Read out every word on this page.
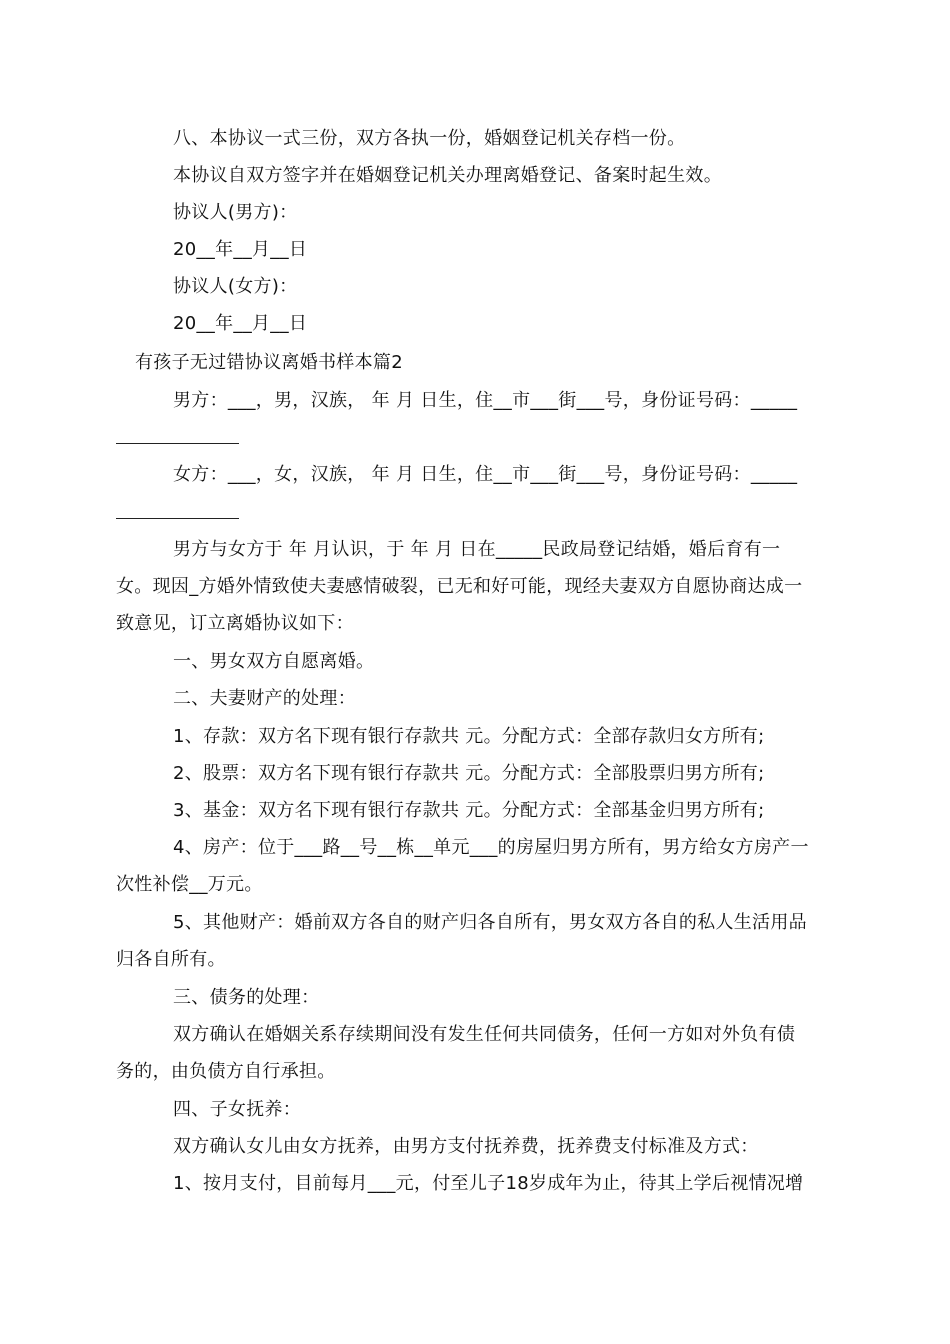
八、本协议一式三份，双方各执一份，婚姻登记机关存档一份。
本协议自双方签字并在婚姻登记机关办理离婚登记、备案时起生效。
协议人(男方)：
20__年__月__日
协议人(女方)：
20__年__月__日
有孩子无过错协议离婚书样本篇2
男方：___，男，汉族， 年 月 日生，住__市___街___号，身份证号码：_____
女方：___，女，汉族， 年 月 日生，住__市___街___号，身份证号码：_____
男方与女方于 年 月认识，于 年 月 日在_____民政局登记结婚，婚后育有一
女。现因_方婚外情致使夫妻感情破裂，已无和好可能，现经夫妻双方自愿协商达成一
致意见，订立离婚协议如下：
一、男女双方自愿离婚。
二、夫妻财产的处理：
1、存款：双方名下现有银行存款共 元。分配方式：全部存款归女方所有;
2、股票：双方名下现有银行存款共 元。分配方式：全部股票归男方所有;
3、基金：双方名下现有银行存款共 元。分配方式：全部基金归男方所有;
4、房产：位于___路__号__栋__单元___的房屋归男方所有，男方给女方房产一
次性补偿__万元。
5、其他财产：婚前双方各自的财产归各自所有，男女双方各自的私人生活用品
归各自所有。
三、债务的处理：
双方确认在婚姻关系存续期间没有发生任何共同债务，任何一方如对外负有债
务的，由负债方自行承担。
四、子女抚养：
双方确认女儿由女方抚养，由男方支付抚养费，抚养费支付标准及方式：
1、按月支付，目前每月___元，付至儿子18岁成年为止，待其上学后视情况增
